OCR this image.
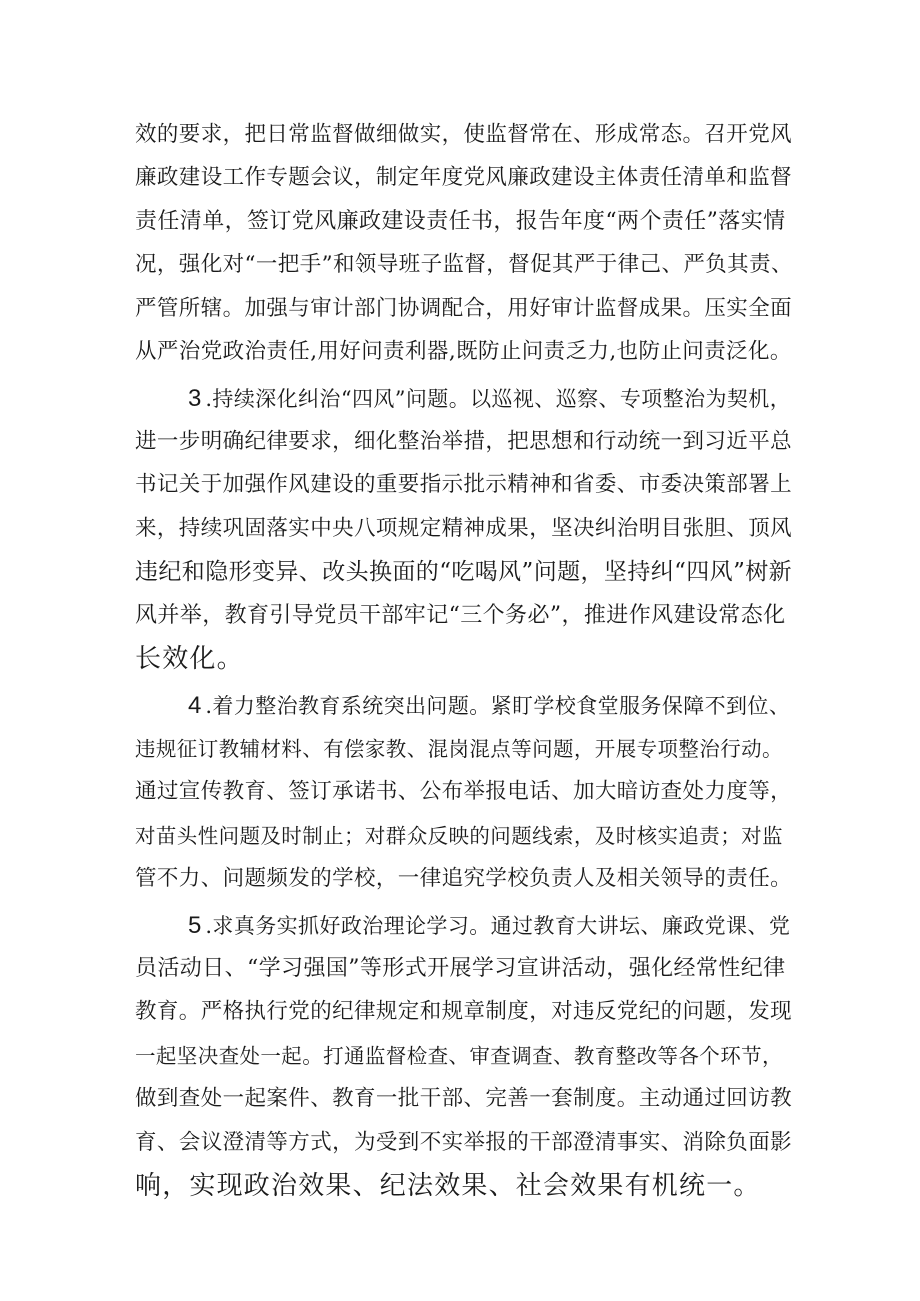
效的要求，把日常监督做细做实，使监督常在、形成常态。召开党风
廉政建设工作专题会议，制定年度党风廉政建设主体责任清单和监督
责任清单，签订党风廉政建设责任书，报告年度“两个责任”落实情
况，强化对“一把手”和领导班子监督，督促其严于律己、严负其责、
严管所辖。加强与审计部门协调配合，用好审计监督成果。压实全面
从严治党政治责任,用好问责利器,既防止问责乏力,也防止问责泛化。
3 .持续深化纠治“四风”问题。以巡视、巡察、专项整治为契机，
进一步明确纪律要求，细化整治举措，把思想和行动统一到习近平总
书记关于加强作风建设的重要指示批示精神和省委、市委决策部署上
来，持续巩固落实中央八项规定精神成果，坚决纠治明目张胆、顶风
违纪和隐形变异、改头换面的“吃喝风”问题，坚持纠“四风”树新
风并举，教育引导党员干部牢记“三个务必”，推进作风建设常态化
长效化。
4 .着力整治教育系统突出问题。紧盯学校食堂服务保障不到位、
违规征订教辅材料、有偿家教、混岗混点等问题，开展专项整治行动。
通过宣传教育、签订承诺书、公布举报电话、加大暗访查处力度等，
对苗头性问题及时制止；对群众反映的问题线索，及时核实追责；对监
管不力、问题频发的学校，一律追究学校负责人及相关领导的责任。
5 .求真务实抓好政治理论学习。通过教育大讲坛、廉政党课、党
员活动日、“学习强国”等形式开展学习宣讲活动，强化经常性纪律
教育。严格执行党的纪律规定和规章制度，对违反党纪的问题，发现
一起坚决查处一起。打通监督检查、审查调查、教育整改等各个环节，
做到查处一起案件、教育一批干部、完善一套制度。主动通过回访教
育、会议澄清等方式，为受到不实举报的干部澄清事实、消除负面影
响，实现政治效果、纪法效果、社会效果有机统一。
